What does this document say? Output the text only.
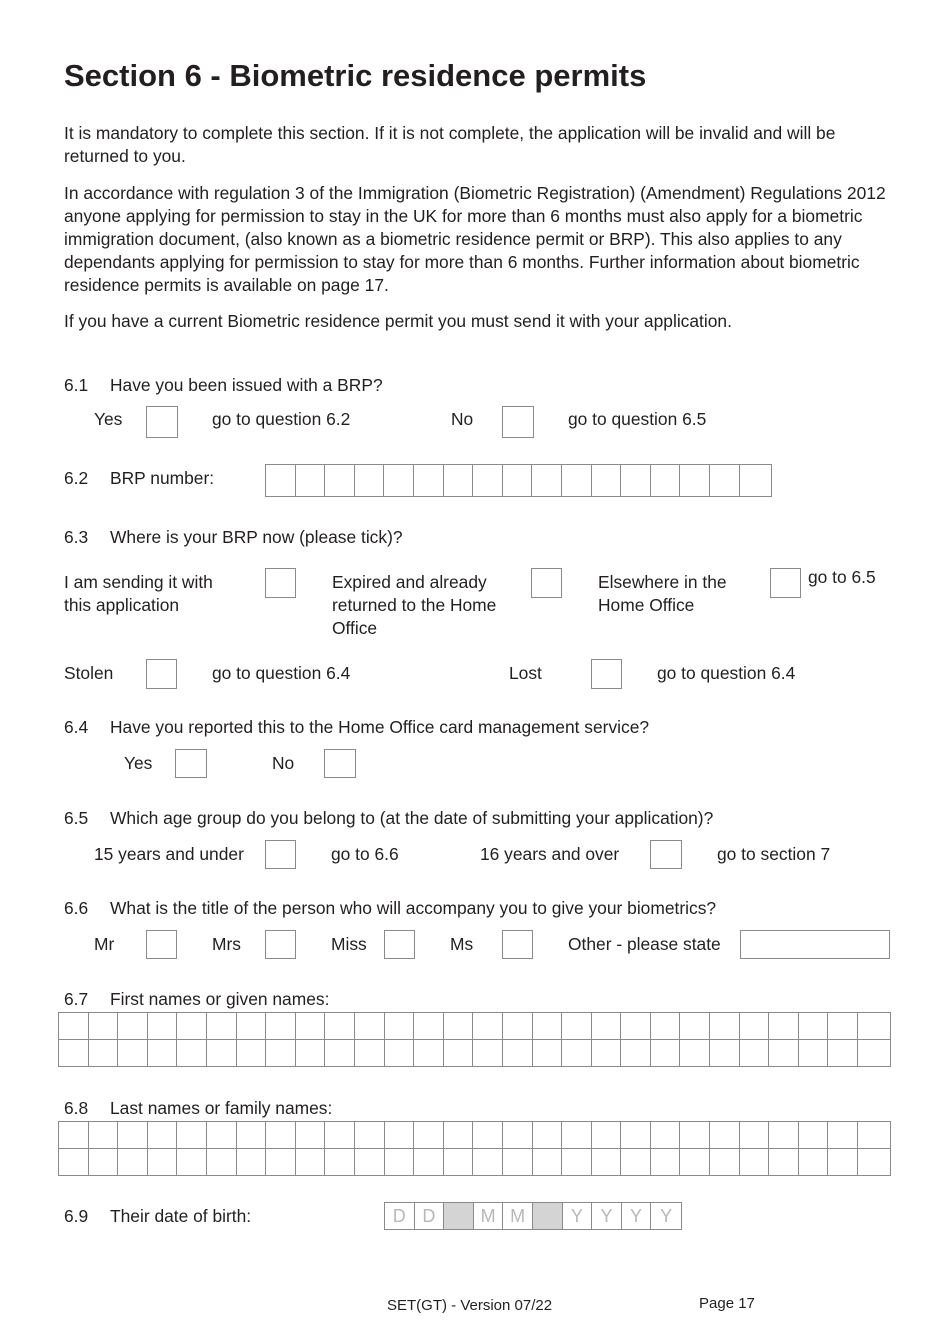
Section 6 - Biometric residence permits
It is mandatory to complete this section. If it is not complete, the application will be invalid and will be returned to you.
In accordance with regulation 3 of the Immigration (Biometric Registration) (Amendment) Regulations 2012 anyone applying for permission to stay in the UK for more than 6 months must also apply for a biometric immigration document, (also known as a biometric residence permit or BRP). This also applies to any dependants applying for permission to stay for more than 6 months. Further information about biometric residence permits is available on page 17.
If you have a current Biometric residence permit you must send it with your application.
6.1 Have you been issued with a BRP?
Yes	go to question 6.2	No	go to question 6.5
6.2 BRP number:
6.3 Where is your BRP now (please tick)?
I am sending it with this application
Expired and already returned to the Home Office
Elsewhere in the Home Office
go to 6.5
Stolen	go to question 6.4	Lost	go to question 6.4
6.4 Have you reported this to the Home Office card management service?
Yes	No
6.5 Which age group do you belong to (at the date of submitting your application)?
15 years and under	go to 6.6	16 years and over	go to section 7
6.6 What is the title of the person who will accompany you to give your biometrics?
Mr	Mrs	Miss	Ms	Other - please state
6.7 First names or given names:
6.8 Last names or family names:
6.9 Their date of birth:	D D	M M	Y Y Y	Y
SET(GT) - Version 07/22	Page 17
